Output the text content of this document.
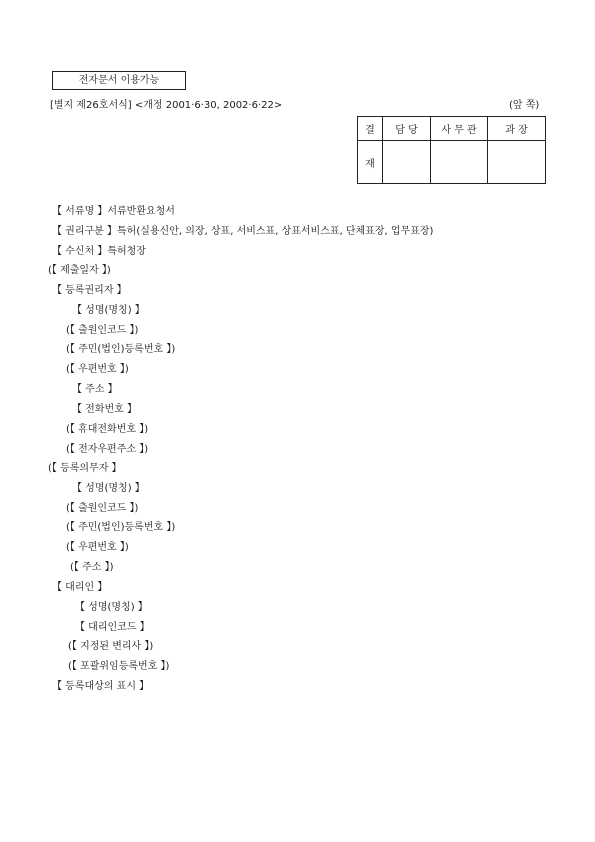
전자문서 이용가능
[별지 제26호서식] <개정 2001·6·30, 2002·6·22>	(앞 쪽)
결	담 당	사 무 관	과 장
재			
【 서류명 】서류반환요청서
【 권리구분 】특허(실용신안, 의장, 상표, 서비스표, 상표서비스표, 단체표장, 업무표장)
【 수신처 】특허청장
(【 제출일자 】)
【 등록권리자 】
【 성명(명칭) 】
(【 출원인코드 】)
(【 주민(법인)등록번호 】)
(【 우편번호 】)
【 주소 】
【 전화번호 】
(【 휴대전화번호 】)
(【 전자우편주소 】)
(【 등록의무자 】
【 성명(명칭) 】
(【 출원인코드 】)
(【 주민(법인)등록번호 】)
(【 우편번호 】)
(【 주소 】)
【 대리인 】
【 성명(명칭) 】
【 대리인코드 】
(【 지정된 변리사 】)
(【 포괄위임등록번호 】)
【 등록대상의 표시 】
